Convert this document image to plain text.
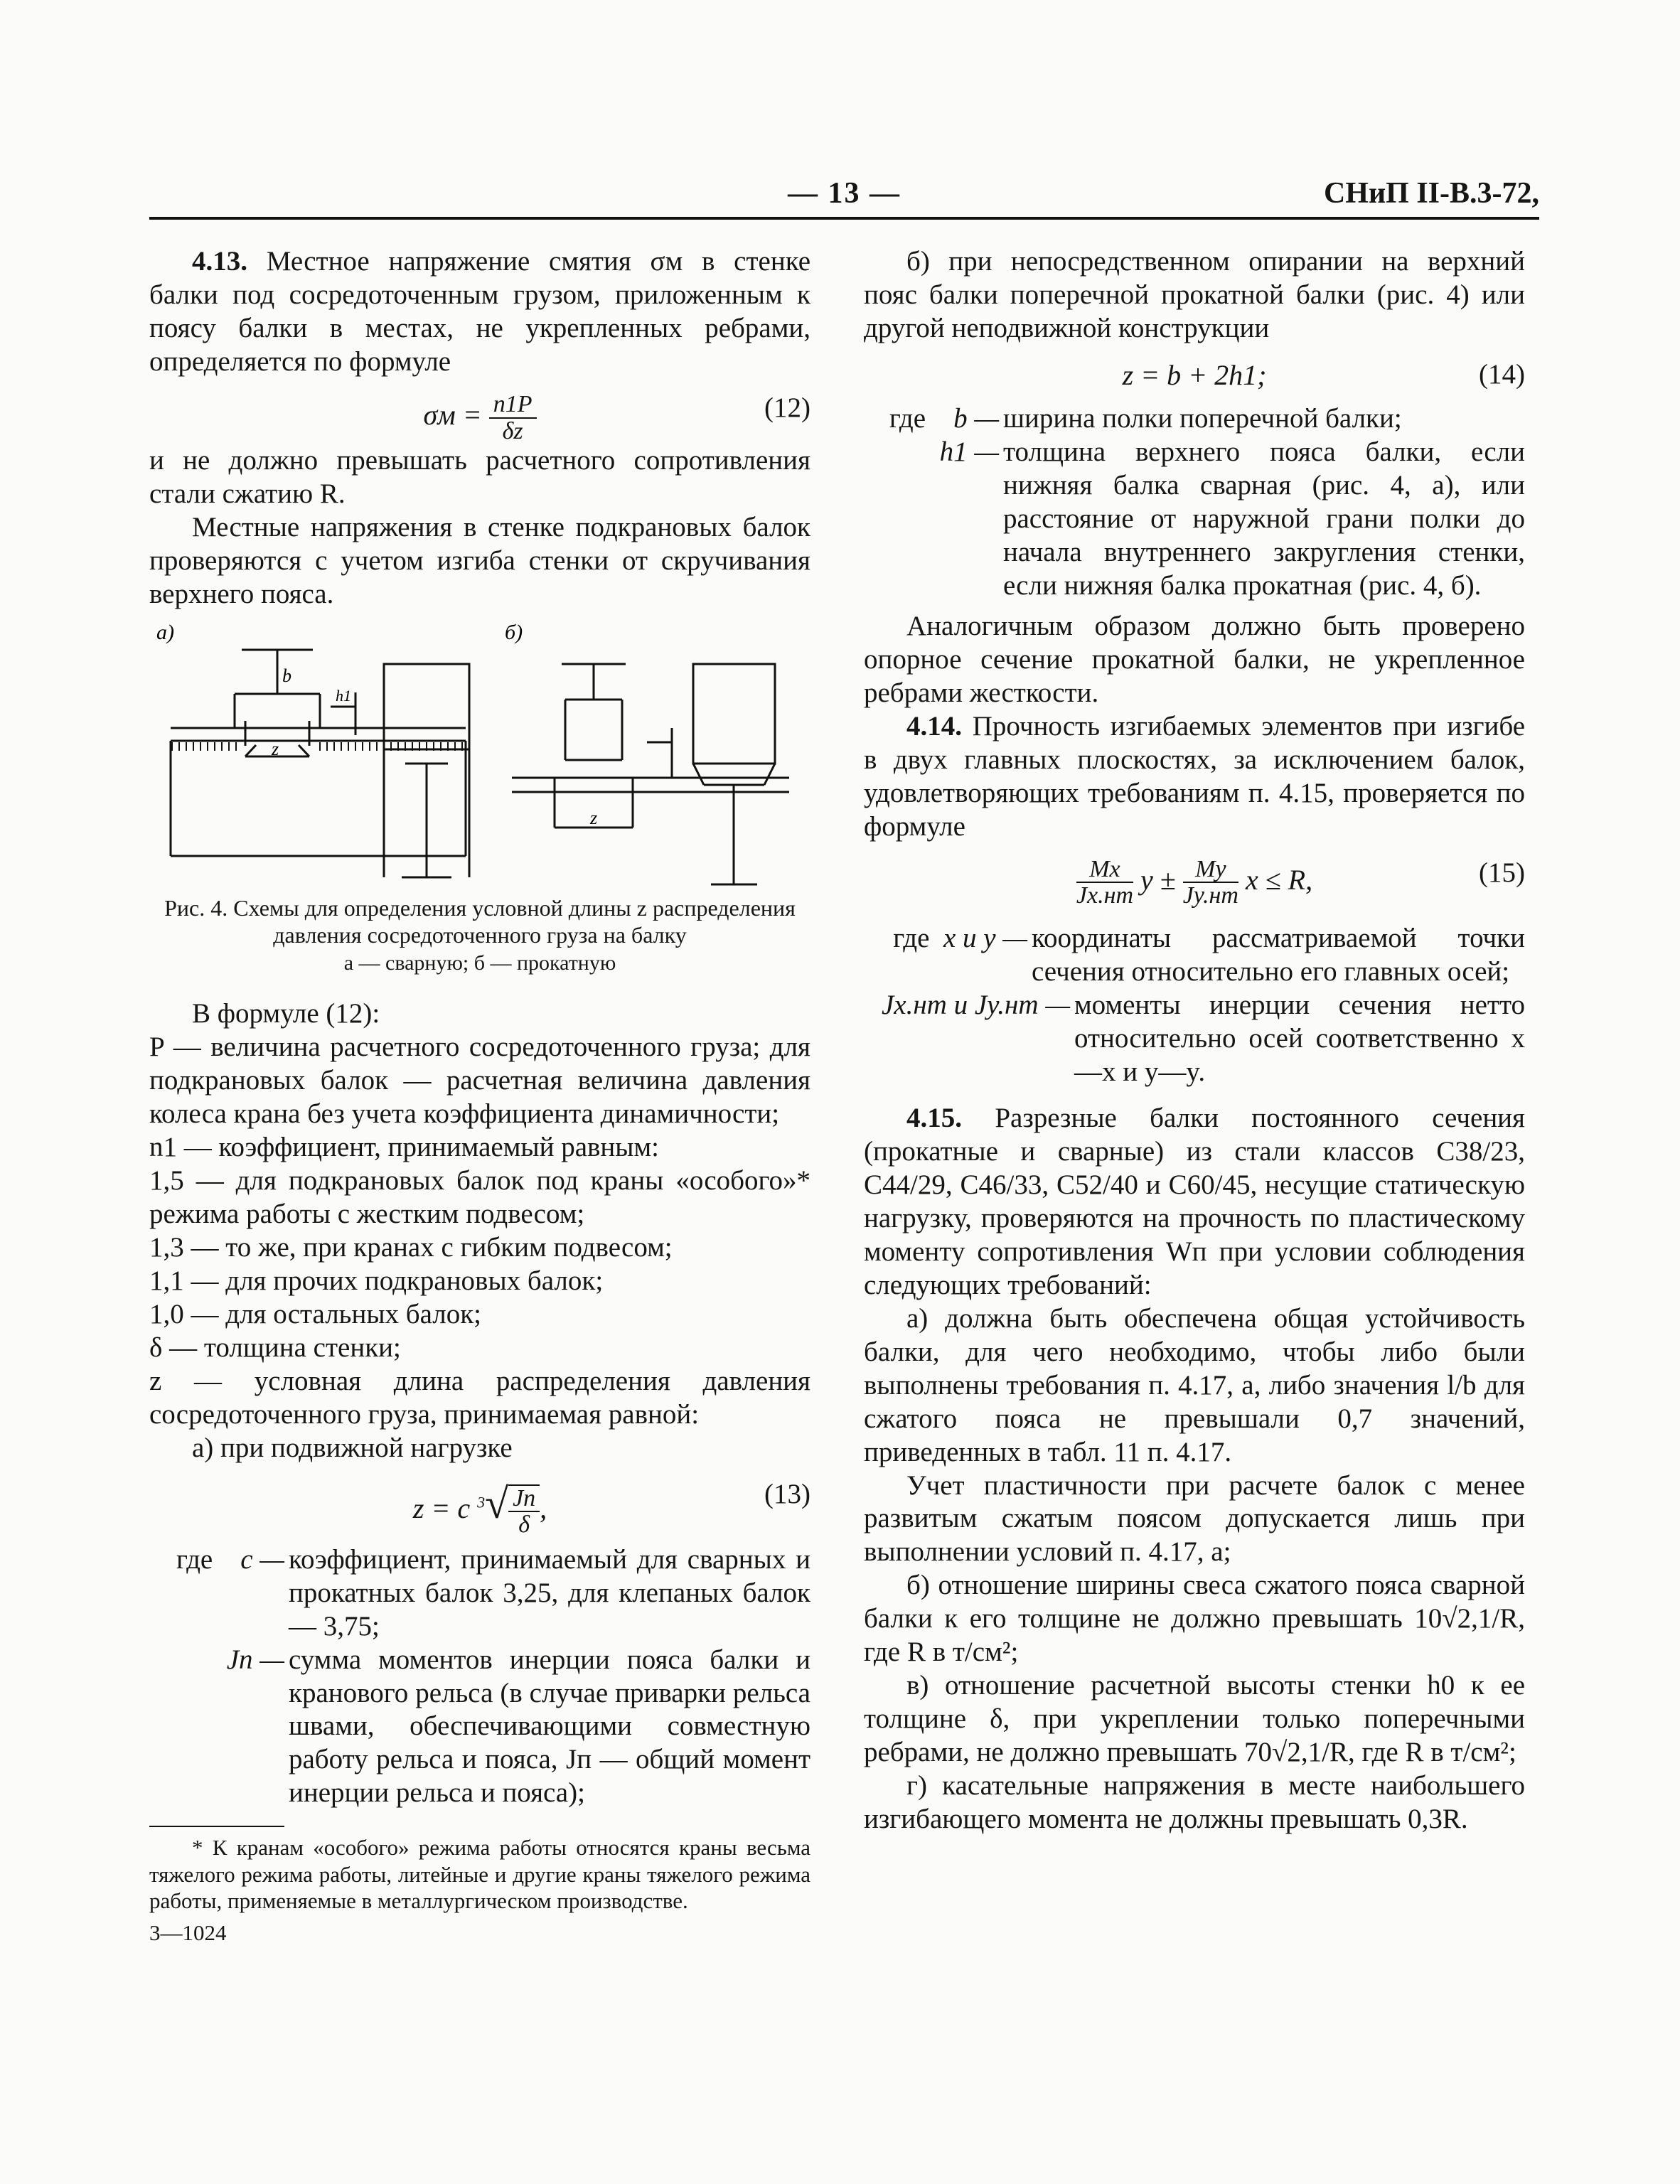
— 13 —	СНиП II-В.3-72,

4.13. Местное напряжение смятия σм в стенке балки под сосредоточенным грузом, приложенным к поясу балки в местах, не укрепленных ребрами, определяется по формуле

$\sigma м = \frac{n1P}{\delta z}$	(12)

и не должно превышать расчетного сопротивления стали сжатию R.

Местные напряжения в стенке подкрановых балок проверяются с учетом изгиба стенки от скручивания верхнего пояса.

а)	б)
b
z
z
h1
Рис. 4. Схемы для определения условной длины z распределения давления сосредоточенного груза на балку
а — сварную; б — прокатную

В формуле (12):

P — величина расчетного сосредоточенного груза; для подкрановых балок — расчетная величина давления колеса крана без учета коэффициента динамичности;

n1 — коэффициент, принимаемый равным:

1,5 — для подкрановых балок под краны «особого»* режима работы с жестким подвесом;

1,3 — то же, при кранах с гибким подвесом;

1,1 — для прочих подкрановых балок;

1,0 — для остальных балок;

δ — толщина стенки;

z — условная длина распределения давления сосредоточенного груза, принимаемая равной:

а) при подвижной нагрузке

z = c $^3√ \frac{Jп}{\delta}$ ,	(13)
где c — коэффициент, принимаемый для сварных и прокатных балок 3,25, для клепаных балок — 3,75;
Jп — сумма моментов инерции пояса балки и кранового рельса (в случае приварки рельса швами, обеспечивающими совместную работу рельса и пояса, Jп — общий момент инерции рельса и пояса);

* К кранам «особого» режима работы относятся краны весьма тяжелого режима работы, литейные и другие краны тяжелого режима работы, применяемые в металлургическом производстве.

3—1024

б) при непосредственном опирании на верхний пояс балки поперечной прокатной балки (рис. 4) или другой неподвижной конструкции

z = b + 2h1;	(14)
где b — ширина полки поперечной балки;
h1 — толщина верхнего пояса балки, если нижняя балка сварная (рис. 4, а), или расстояние от наружной грани полки до начала внутреннего закругления стенки, если нижняя балка прокатная (рис. 4, б).

Аналогичным образом должно быть проверено опорное сечение прокатной балки, не укрепленное ребрами жесткости.

4.14. Прочность изгибаемых элементов при изгибе в двух главных плоскостях, за исключением балок, удовлетворяющих требованиям п. 4.15, проверяется по формуле

$\frac{Mx}{Jx.нт}$ $y \pm \frac{My}{Jy.нт}$ x ≤ R,	(15)
где x и y — координаты рассматриваемой точки сечения относительно его главных осей;
Jx.нт и Jy.нт — моменты инерции сечения нетто относительно осей соответственно x—x и y—y.

4.15. Разрезные балки постоянного сечения (прокатные и сварные) из стали классов С38/23, С44/29, С46/33, С52/40 и С60/45, несущие статическую нагрузку, проверяются на прочность по пластическому моменту сопротивления Wп при условии соблюдения следующих требований:

а) должна быть обеспечена общая устойчивость балки, для чего необходимо, чтобы либо были выполнены требования п. 4.17, а, либо значения l/b для сжатого пояса не превышали 0,7 значений, приведенных в табл. 11 п. 4.17.

Учет пластичности при расчете балок с менее развитым сжатым поясом допускается лишь при выполнении условий п. 4.17, а;

б) отношение ширины свеса сжатого пояса сварной балки к его толщине не должно превышать 10√2,1/R, где R в т/см²;

в) отношение расчетной высоты стенки h0 к ее толщине δ, при укреплении только поперечными ребрами, не должно превышать 70√2,1/R, где R в т/см²;

г) касательные напряжения в месте наибольшего изгибающего момента не должны превышать 0,3R.
